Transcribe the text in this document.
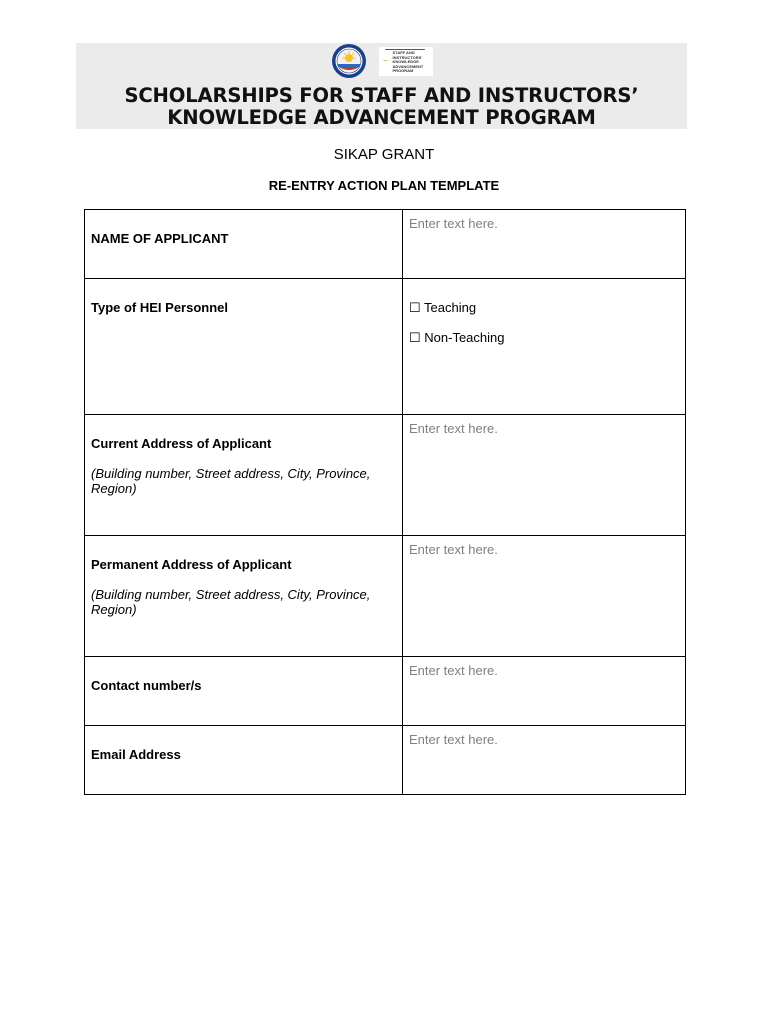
~
STAFF AND
INSTRUCTORS'
KNOWLEDGE
ADVANCEMENT
PROGRAM
SCHOLARSHIPS FOR STAFF AND INSTRUCTORS’
KNOWLEDGE ADVANCEMENT PROGRAM
SIKAP GRANT
RE-ENTRY ACTION PLAN TEMPLATE
NAME OF APPLICANT	Enter text here.

Type of HEI Personnel	☐ Teaching
☐ Non-Teaching

Current Address of Applicant
(Building number, Street address, City, Province, Region)	Enter text here.

Permanent Address of Applicant
(Building number, Street address, City, Province, Region)	Enter text here.

Contact number/s	Enter text here.

Email Address	Enter text here.
